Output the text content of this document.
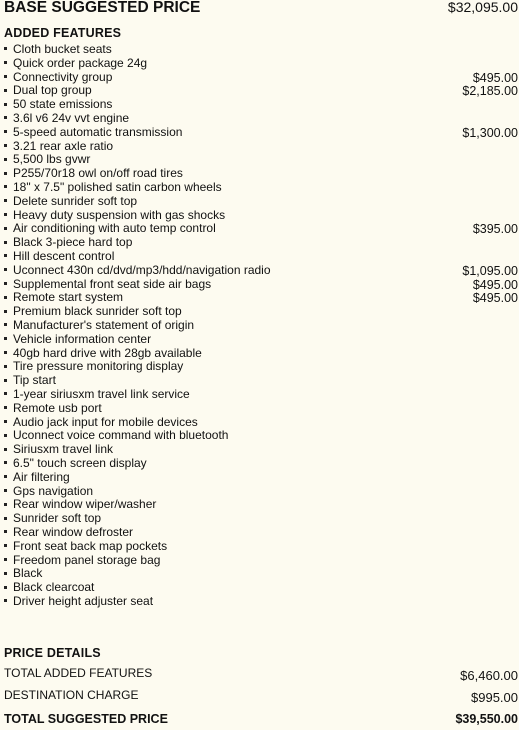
BASE SUGGESTED PRICE	$32,095.00
ADDED FEATURES
Cloth bucket seats
Quick order package 24g
Connectivity group	$495.00
Dual top group	$2,185.00
50 state emissions
3.6l v6 24v vvt engine
5-speed automatic transmission	$1,300.00
3.21 rear axle ratio
5,500 lbs gvwr
P255/70r18 owl on/off road tires
18" x 7.5" polished satin carbon wheels
Delete sunrider soft top
Heavy duty suspension with gas shocks
Air conditioning with auto temp control	$395.00
Black 3-piece hard top
Hill descent control
Uconnect 430n cd/dvd/mp3/hdd/navigation radio	$1,095.00
Supplemental front seat side air bags	$495.00
Remote start system	$495.00
Premium black sunrider soft top
Manufacturer's statement of origin
Vehicle information center
40gb hard drive with 28gb available
Tire pressure monitoring display
Tip start
1-year siriusxm travel link service
Remote usb port
Audio jack input for mobile devices
Uconnect voice command with bluetooth
Siriusxm travel link
6.5" touch screen display
Air filtering
Gps navigation
Rear window wiper/washer
Sunrider soft top
Rear window defroster
Front seat back map pockets
Freedom panel storage bag
Black
Black clearcoat
Driver height adjuster seat
PRICE DETAILS
TOTAL ADDED FEATURES	$6,460.00
DESTINATION CHARGE	$995.00
TOTAL SUGGESTED PRICE	$39,550.00
